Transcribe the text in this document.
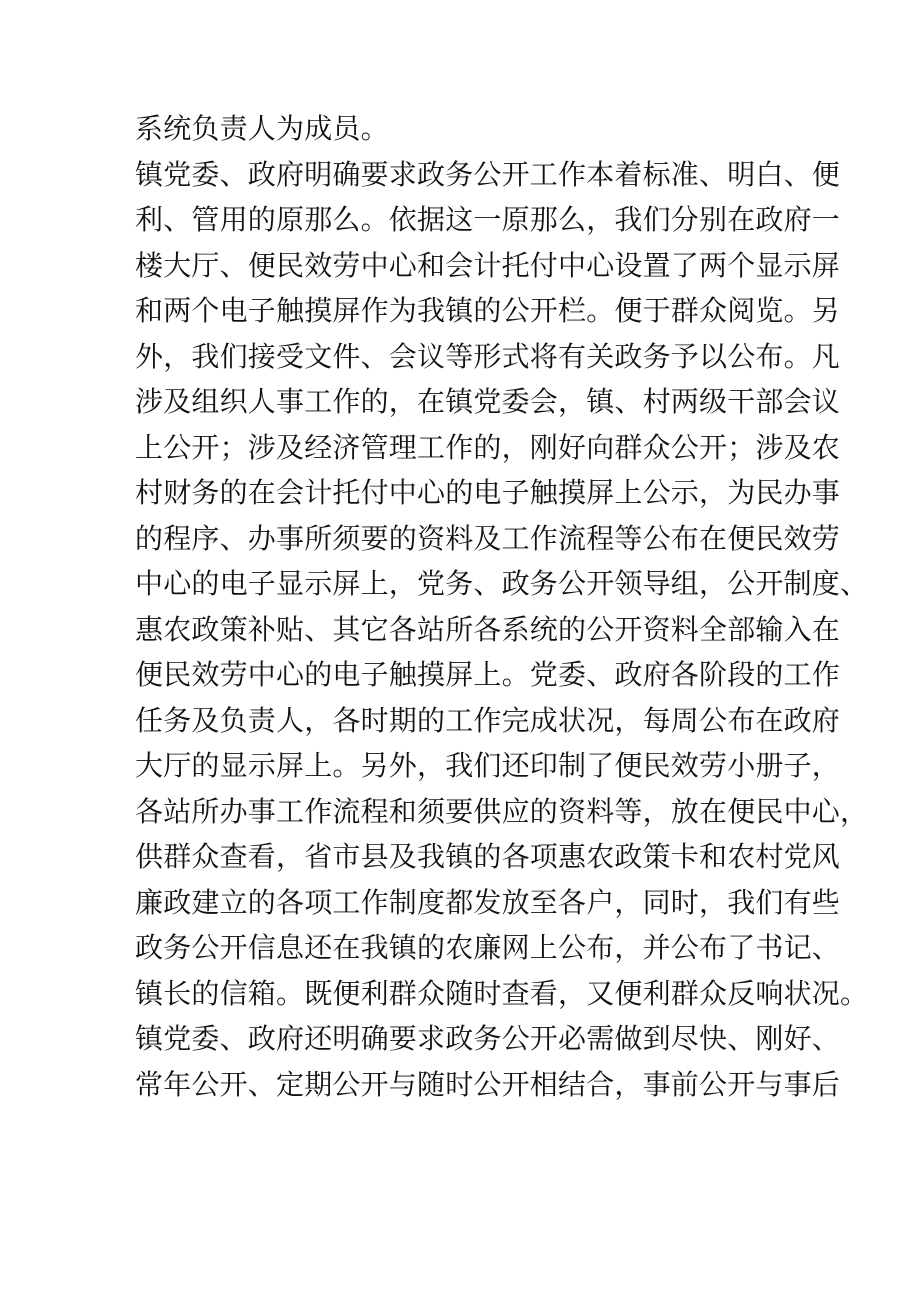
系统负责人为成员。
镇党委、政府明确要求政务公开工作本着标准、明白、便
利、管用的原那么。依据这一原那么，我们分别在政府一
楼大厅、便民效劳中心和会计托付中心设置了两个显示屏
和两个电子触摸屏作为我镇的公开栏。便于群众阅览。另
外，我们接受文件、会议等形式将有关政务予以公布。凡
涉及组织人事工作的，在镇党委会，镇、村两级干部会议
上公开；涉及经济管理工作的，刚好向群众公开；涉及农
村财务的在会计托付中心的电子触摸屏上公示，为民办事
的程序、办事所须要的资料及工作流程等公布在便民效劳
中心的电子显示屏上，党务、政务公开领导组，公开制度、
惠农政策补贴、其它各站所各系统的公开资料全部输入在
便民效劳中心的电子触摸屏上。党委、政府各阶段的工作
任务及负责人，各时期的工作完成状况，每周公布在政府
大厅的显示屏上。另外，我们还印制了便民效劳小册子，
各站所办事工作流程和须要供应的资料等，放在便民中心，
供群众查看，省市县及我镇的各项惠农政策卡和农村党风
廉政建立的各项工作制度都发放至各户，同时，我们有些
政务公开信息还在我镇的农廉网上公布，并公布了书记、
镇长的信箱。既便利群众随时查看，又便利群众反响状况。
镇党委、政府还明确要求政务公开必需做到尽快、刚好、
常年公开、定期公开与随时公开相结合，事前公开与事后
